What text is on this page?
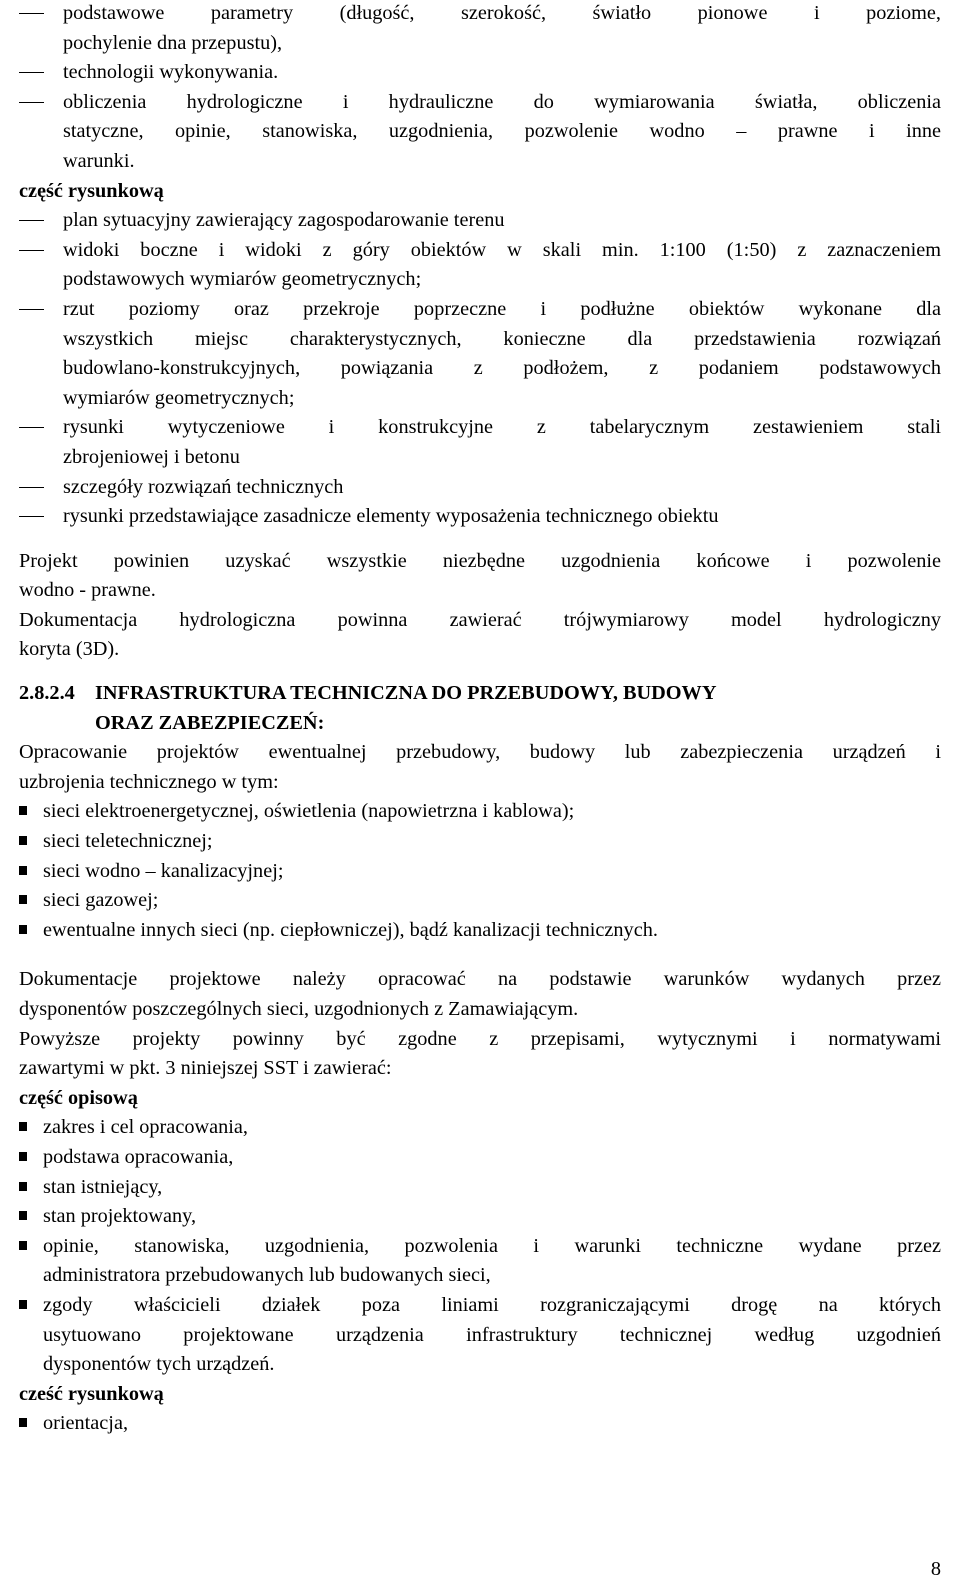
podstawowe parametry (długość, szerokość, światło pionowe i poziome,
pochylenie dna przepustu),
technologii wykonywania.
obliczenia hydrologiczne i hydrauliczne do wymiarowania światła, obliczenia
statyczne, opinie, stanowiska, uzgodnienia, pozwolenie wodno – prawne i inne
warunki.
część rysunkową
plan sytuacyjny zawierający zagospodarowanie terenu
widoki boczne i widoki z góry obiektów w skali min. 1:100 (1:50) z zaznaczeniem
podstawowych wymiarów geometrycznych;
rzut poziomy oraz przekroje poprzeczne i podłużne obiektów wykonane dla
wszystkich miejsc charakterystycznych, konieczne dla przedstawienia rozwiązań
budowlano-konstrukcyjnych, powiązania z podłożem, z podaniem podstawowych
wymiarów geometrycznych;
rysunki wytyczeniowe i konstrukcyjne z tabelarycznym zestawieniem stali
zbrojeniowej i betonu
szczegóły rozwiązań technicznych
rysunki przedstawiające zasadnicze elementy wyposażenia technicznego obiektu
Projekt powinien uzyskać wszystkie niezbędne uzgodnienia końcowe i pozwolenie
wodno - prawne.
Dokumentacja hydrologiczna powinna zawierać trójwymiarowy model hydrologiczny
koryta (3D).
2.8.2.4 INFRASTRUKTURA TECHNICZNA DO PRZEBUDOWY, BUDOWY
ORAZ ZABEZPIECZEŃ:
Opracowanie projektów ewentualnej przebudowy, budowy lub zabezpieczenia urządzeń i
uzbrojenia technicznego w tym:
sieci elektroenergetycznej, oświetlenia (napowietrzna i kablowa);
sieci teletechnicznej;
sieci wodno – kanalizacyjnej;
sieci gazowej;
ewentualne innych sieci (np. ciepłowniczej), bądź kanalizacji technicznych.
Dokumentacje projektowe należy opracować na podstawie warunków wydanych przez
dysponentów poszczególnych sieci, uzgodnionych z Zamawiającym.
Powyższe projekty powinny być zgodne z przepisami, wytycznymi i normatywami
zawartymi w pkt. 3 niniejszej SST i zawierać:
część opisową
zakres i cel opracowania,
podstawa opracowania,
stan istniejący,
stan projektowany,
opinie, stanowiska, uzgodnienia, pozwolenia i warunki techniczne wydane przez
administratora przebudowanych lub budowanych sieci,
zgody właścicieli działek poza liniami rozgraniczającymi drogę na których
usytuowano projektowane urządzenia infrastruktury technicznej według uzgodnień
dysponentów tych urządzeń.
cześć rysunkową
orientacja,
8
